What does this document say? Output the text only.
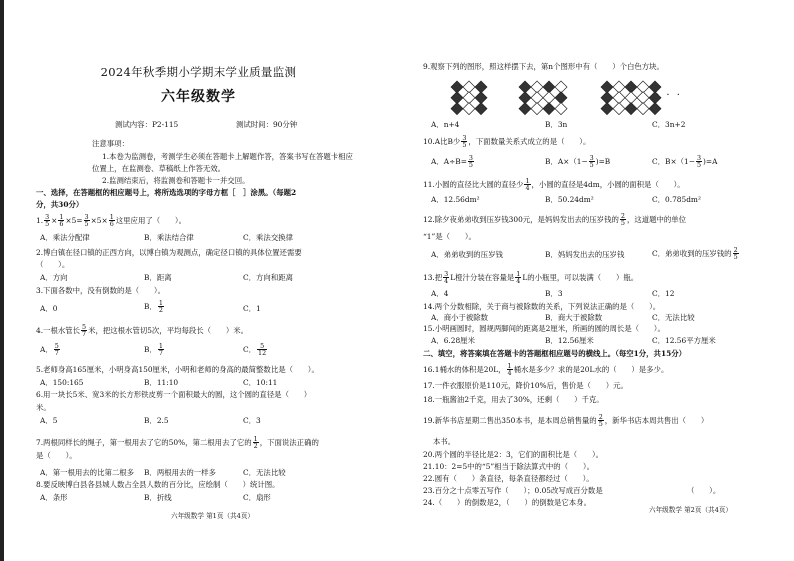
2024年秋季期小学期末学业质量监测
六年级数学
测试内容：P2-115	测试时间：90分钟
注意事项：
1.本卷为监测卷，考测学生必须在答题卡上解题作答，答案书写在答题卡相应
位置上，在监测卷、草稿纸上作答无效。
2.监测结束后，将监测卷和答题卡一并交回。
一、选择，在答题框的相应题号上，将所选选项的字母方框［　］涂黑。（每题2
分，共30分）
1. $\frac{3}{5} \times \frac{1}{6} \times 5= \frac{3}{5} \times 5\times \frac{1}{6}$ 这里应用了（　　）。
A．乘法分配律	B．乘法结合律	C．乘法交换律
2.博白镇在径口镇的正西方向，以博白镇为观测点，确定径口镇的具体位置还需要
（　　）。
A．方向	B．距离	C．方向和距离
3.下面各数中，没有倒数的是（　　）。
A．0	B． $\frac{1}{2}$	C．1
4.一根水管长 $\frac{5}{7}$ 米，把这根水管切5次，平均每段长（　　）米。
A． $\frac{5}{7}$	B． $\frac{1}{7}$	C． $\frac{5}{12}$
5.老师身高165厘米，小明身高150厘米，小明和老师的身高的最简整数比是（　　）。
A．150:165	B．11:10	C．10:11
6.用一块长5米、宽3米的长方形铁皮剪一个面积最大的圆，这个圆的直径是（　　）
米。
A．5	B．2.5	C．3
7.两根同样长的绳子，第一根用去了它的50%，第二根用去了它的 $\frac{1}{2}$ ，下面说法正确的
是（　　）。
A．第一根用去的比第二根多 B．两根用去的一样多	C．无法比较
8.要反映博白县各县城人数占全县人数的百分比，应绘制（　　）统计图。
A．条形	B．折线	C．扇形
六年级数学 第1页（共4页）
9.观察下列的图形，照这样摆下去，第n个图形中有（　　）个白色方块。
· · ·
A．n+4	B．3n	C．3n+2
10.A比B少 $\frac{3}{5}$ ，下面数量关系式成立的是（　　）。
A．$A\div B= \frac{3}{5}$	B．$A\times(1- \frac{3}{5} )=B$	C．$B\times(1- \frac{3}{5} )=A$
11.小圆的直径比大圆的直径少 $\frac{1}{4}$ ，小圆的直径是4dm，小圆的面积是（　　）。
A．12.56dm²	B．50.24dm²	C．0.785dm²
12.除夕夜弟弟收到压岁钱300元，是妈妈发出去的压岁钱的 $\frac{2}{5}$ ，这道题中的单位
“1”是（　　）。
A．弟弟收到的压岁钱	B．妈妈发出去的压岁钱	C．弟弟收到的压岁钱的 $\frac{2}{5}$
13.把 $\frac{3}{4}$ L橙汁分装在容量是 $\frac{1}{4}$ L的小瓶里，可以装满（　　）瓶。
A．4	B．3	C．12
14.两个分数相除，关于商与被除数的关系，下列说法正确的是（　　）。
A．商小于被除数	B．商大于被除数	C．无法比较
15.小明画圆时，圆规两脚间的距离是2厘米，所画的圆的周长是（　　）。
A．6.28厘米	B．12.56厘米	C．12.56平方厘米
二、填空，将答案填在答题卡的答题框相应题号的横线上。（每空1分，共15分）
16.1桶水的体积是20L， $\frac{1}{4}$ 桶水是多少？求的是20L水的（　　）是多少。
17.一件衣服原价是110元，降价10%后，售价是（　　）元。
18.一瓶酱油2千克，用去了30%，还剩（　　）千克。
19.新华书店星期二售出350本书，是本周总销售量的 $\frac{2}{5}$ ，新华书店本周共售出（　　）
本书。
20.两个圆的半径比是2：3，它们的面积比是（　　）。
21.10：2=5中的“5”相当于除法算式中的（　　）。
22.圆有（　　）条直径，每条直径都经过（　　）。
23.百分之十点零五写作（　　）；0.05改写成百分数是	（　　）。
24.（　　）的倒数是2，（　　）的倒数是它本身。
六年级数学 第2页（共4页）
